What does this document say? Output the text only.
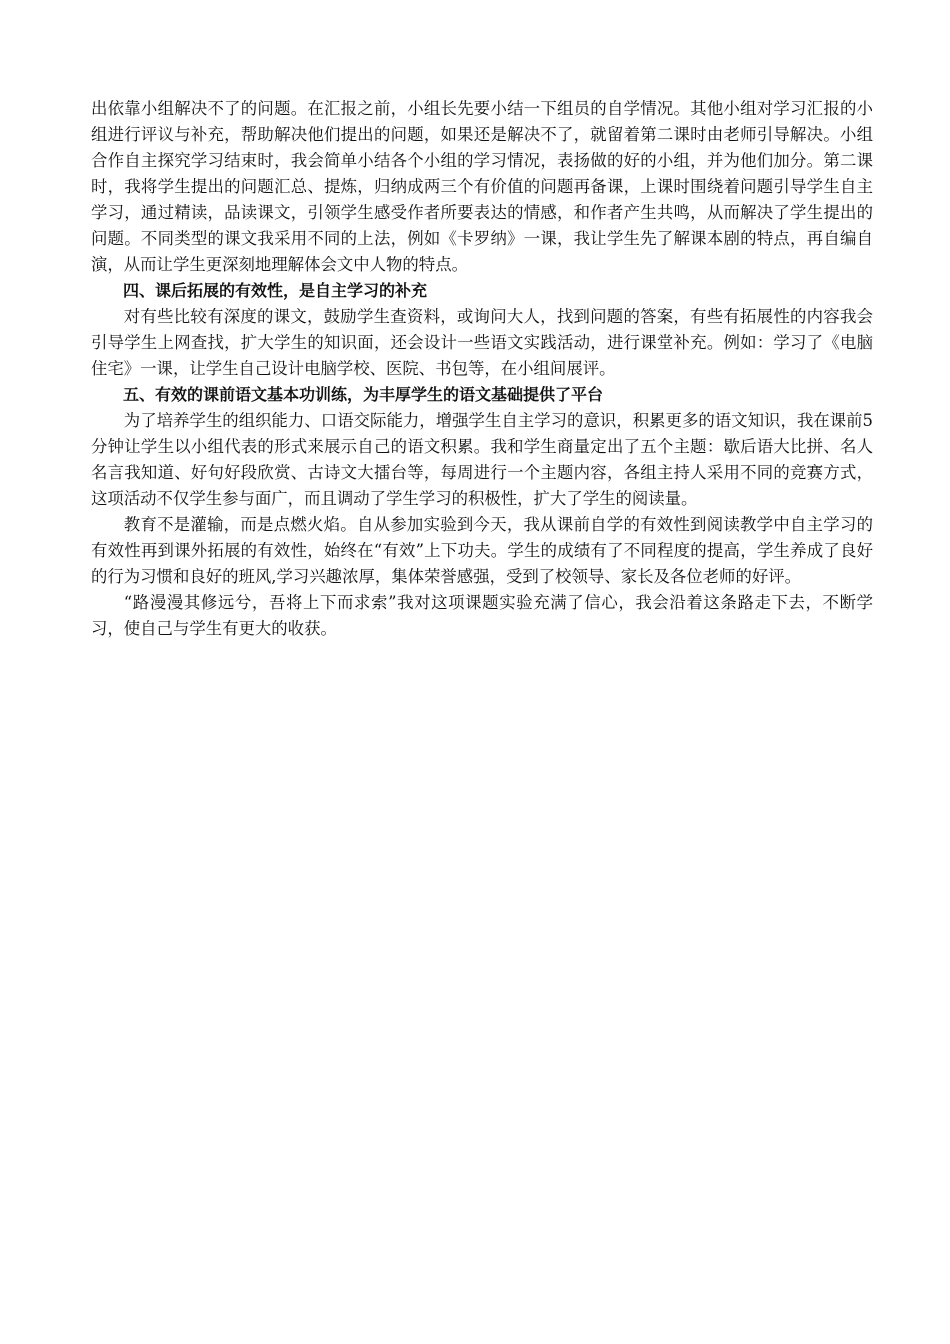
出依靠小组解决不了的问题。在汇报之前，小组长先要小结一下组员的自学情况。其他小组对学习汇报的小组进行评议与补充，帮助解决他们提出的问题，如果还是解决不了，就留着第二课时由老师引导解决。小组合作自主探究学习结束时，我会简单小结各个小组的学习情况，表扬做的好的小组，并为他们加分。第二课时，我将学生提出的问题汇总、提炼，归纳成两三个有价值的问题再备课，上课时围绕着问题引导学生自主学习，通过精读，品读课文，引领学生感受作者所要表达的情感，和作者产生共鸣，从而解决了学生提出的问题。不同类型的课文我采用不同的上法，例如《卡罗纳》一课，我让学生先了解课本剧的特点，再自编自演，从而让学生更深刻地理解体会文中人物的特点。

四、课后拓展的有效性，是自主学习的补充

对有些比较有深度的课文，鼓励学生查资料，或询问大人，找到问题的答案，有些有拓展性的内容我会引导学生上网查找，扩大学生的知识面，还会设计一些语文实践活动，进行课堂补充。例如：学习了《电脑住宅》一课，让学生自己设计电脑学校、医院、书包等，在小组间展评。

五、有效的课前语文基本功训练，为丰厚学生的语文基础提供了平台

为了培养学生的组织能力、口语交际能力，增强学生自主学习的意识，积累更多的语文知识，我在课前5分钟让学生以小组代表的形式来展示自己的语文积累。我和学生商量定出了五个主题：歇后语大比拼、名人名言我知道、好句好段欣赏、古诗文大擂台等，每周进行一个主题内容，各组主持人采用不同的竞赛方式，这项活动不仅学生参与面广，而且调动了学生学习的积极性，扩大了学生的阅读量。

教育不是灌输，而是点燃火焰。自从参加实验到今天，我从课前自学的有效性到阅读教学中自主学习的有效性再到课外拓展的有效性，始终在“有效”上下功夫。学生的成绩有了不同程度的提高，学生养成了良好的行为习惯和良好的班风,学习兴趣浓厚，集体荣誉感强，受到了校领导、家长及各位老师的好评。

“路漫漫其修远兮，吾将上下而求索”我对这项课题实验充满了信心，我会沿着这条路走下去，不断学习，使自己与学生有更大的收获。
